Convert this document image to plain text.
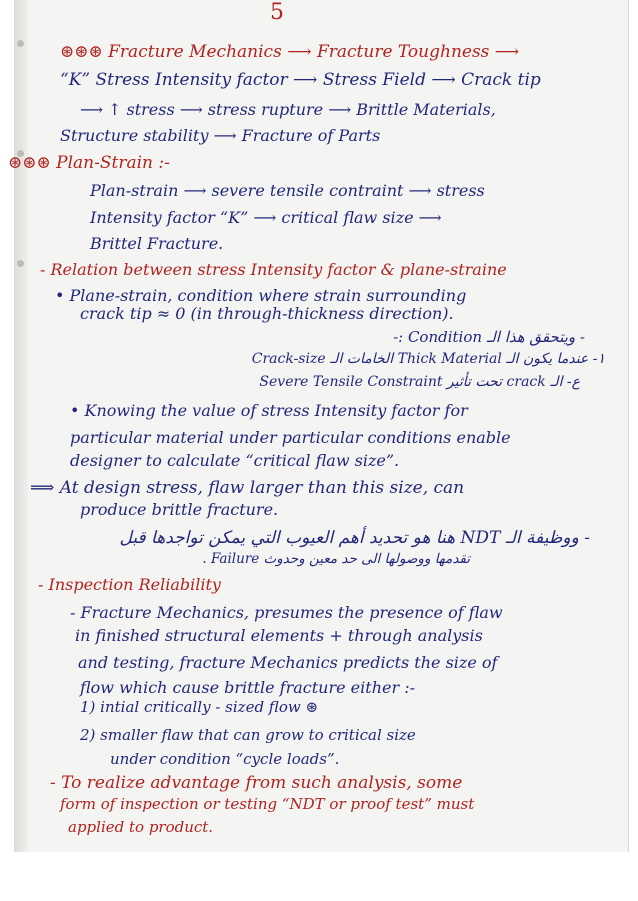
5
⊛⊛⊛ Fracture Mechanics ⟶ Fracture Toughness ⟶
“K” Stress Intensity factor ⟶ Stress Field ⟶ Crack tip
⟶ ↑ stress ⟶ stress rupture ⟶ Brittle Materials,
Structure stability ⟶ Fracture of Parts
⊛⊛⊛ Plan-Strain :-
Plan-strain ⟶ severe tensile contraint ⟶ stress
Intensity factor “K” ⟶ critical flaw size ⟶
Brittel Fracture.
- Relation between stress Intensity factor & plane-straine
• Plane-strain, condition where strain surrounding
crack tip ≈ 0 (in through-thickness direction).
- ويتحقق هذا الـ Condition :-
١- عندما يكون الـ Thick Material الخامات الـ Crack-size
ع- الـ crack تحت تأثير Severe Tensile Constraint
• Knowing the value of stress Intensity factor for
particular material under particular conditions enable
designer to calculate “critical flaw size”.
⟹ At design stress, flaw larger than this size, can
produce brittle fracture.
- ووظيفة الـ NDT هنا هو تحديد أهم العيوب التي يمكن تواجدها قبل
تقدمها ووصولها الى حد معين وحدوث Failure .
- Inspection Reliability
- Fracture Mechanics, presumes the presence of flaw
in finished structural elements + through analysis
and testing, fracture Mechanics predicts the size of
flow which cause brittle fracture either :-
1) intial critically - sized flow ⊛
2) smaller flaw that can grow to critical size
under condition “cycle loads”.
- To realize advantage from such analysis, some
form of inspection or testing “NDT or proof test” must
applied to product.
